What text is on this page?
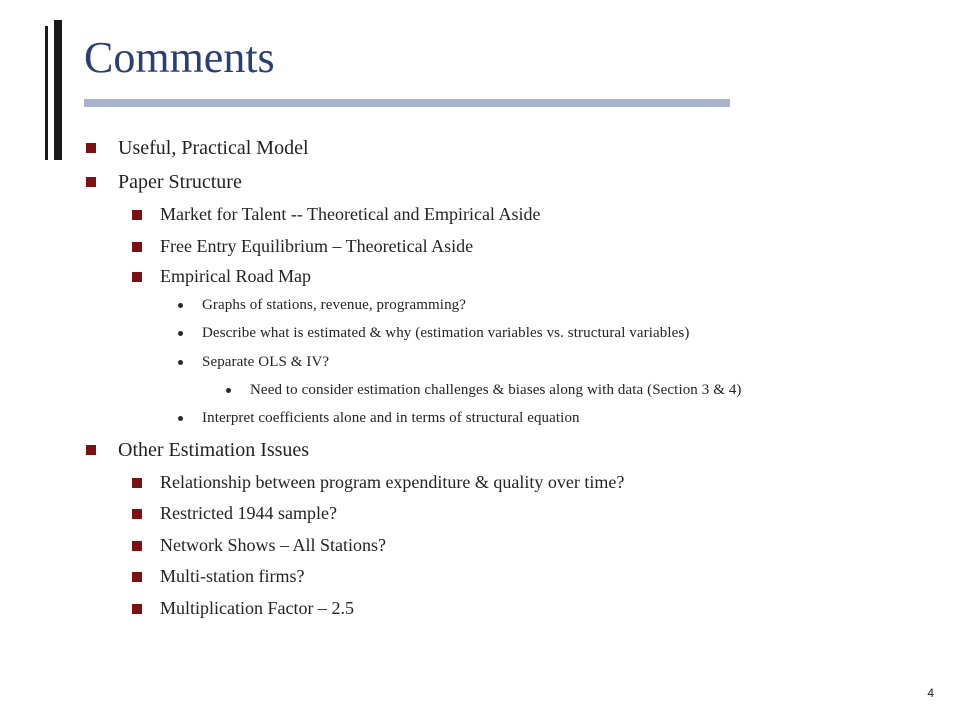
Comments
Useful, Practical Model
Paper Structure
Market for Talent -- Theoretical and Empirical Aside
Free Entry Equilibrium – Theoretical Aside
Empirical Road Map
Graphs of stations, revenue, programming?
Describe what is estimated & why (estimation variables vs. structural variables)
Separate OLS & IV?
Need to consider estimation challenges & biases along with data (Section 3 & 4)
Interpret coefficients alone and in terms of structural equation
Other Estimation Issues
Relationship between program expenditure & quality over time?
Restricted 1944 sample?
Network Shows – All Stations?
Multi-station firms?
Multiplication Factor – 2.5
4
